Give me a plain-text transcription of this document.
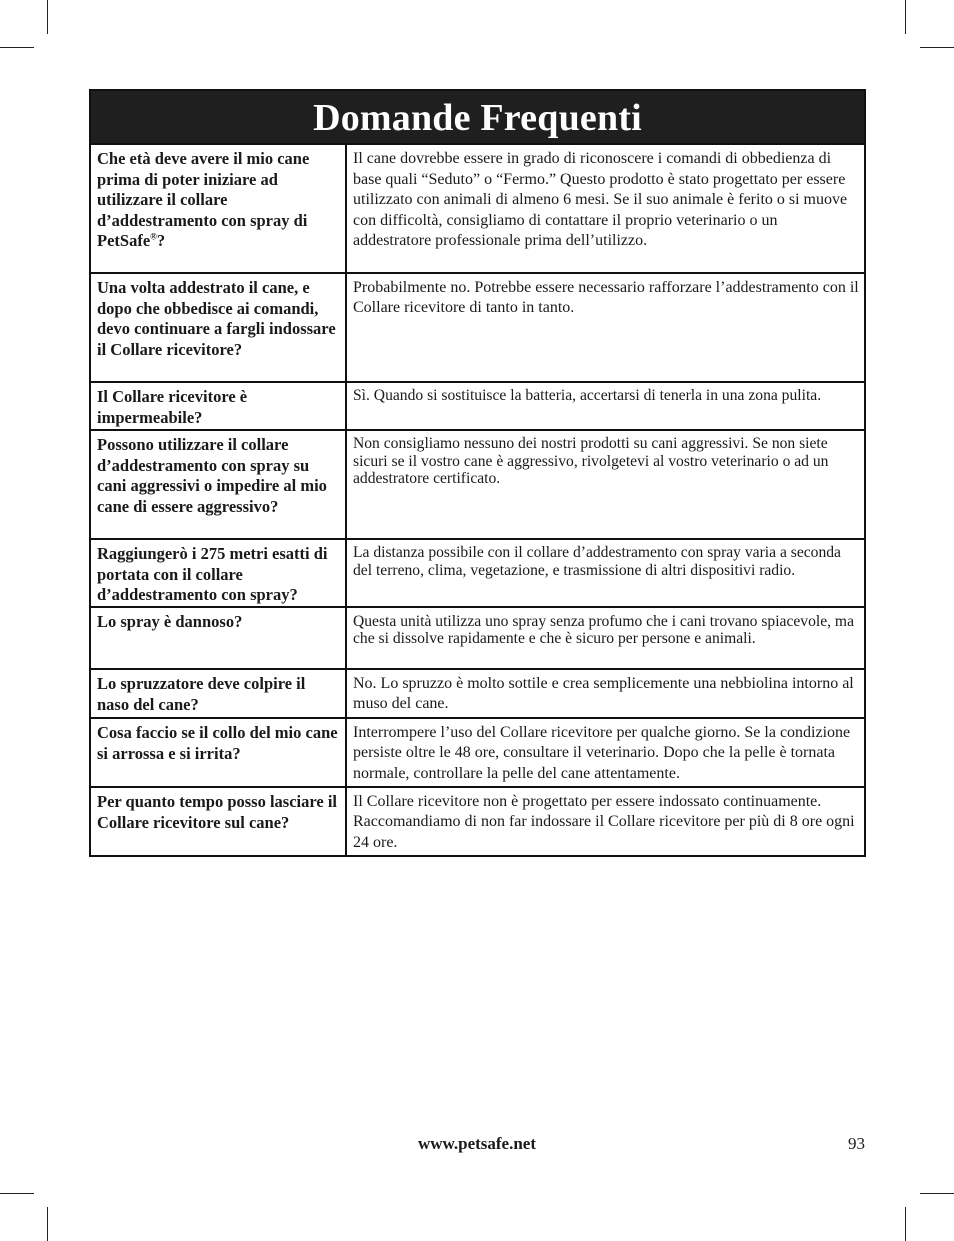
Domande Frequenti
Che età deve avere il mio cane prima di poter iniziare ad utilizzare il collare d’addestramento con spray di PetSafe®?
Il cane dovrebbe essere in grado di riconoscere i comandi di obbedienza di base quali “Seduto” o “Fermo.” Questo prodotto è stato progettato per essere utilizzato con animali di almeno 6 mesi. Se il suo animale è ferito o si muove con difficoltà, consigliamo di contattare il proprio veterinario o un addestratore professionale prima dell’utilizzo.
Una volta addestrato il cane, e dopo che obbedisce ai comandi, devo continuare a fargli indossare il Collare ricevitore?
Probabilmente no. Potrebbe essere necessario rafforzare l’addestramento con il Collare ricevitore di tanto in tanto.
Il Collare ricevitore è impermeabile?
Sì. Quando si sostituisce la batteria, accertarsi di tenerla in una zona pulita.
Possono utilizzare il collare d’addestramento con spray su cani aggressivi o impedire al mio cane di essere aggressivo?
Non consigliamo nessuno dei nostri prodotti su cani aggressivi. Se non siete sicuri se il vostro cane è aggressivo, rivolgetevi al vostro veterinario o ad un addestratore certificato.
Raggiungerò i 275 metri esatti di portata con il collare d’addestramento con spray?
La distanza possibile con il collare d’addestramento con spray varia a seconda del terreno, clima, vegetazione, e trasmissione di altri dispositivi radio.
Lo spray è dannoso?	Questa unità utilizza uno spray senza profumo che i cani trovano spiacevole, ma che si dissolve rapidamente e che è sicuro per persone e animali.
Lo spruzzatore deve colpire il naso del cane?
No. Lo spruzzo è molto sottile e crea semplicemente una nebbiolina intorno al muso del cane.
Cosa faccio se il collo del mio cane si arrossa e si irrita?
Interrompere l’uso del Collare ricevitore per qualche giorno. Se la condizione persiste oltre le 48 ore, consultare il veterinario. Dopo che la pelle è tornata normale, controllare la pelle del cane attentamente.
Per quanto tempo posso lasciare il Collare ricevitore sul cane?
Il Collare ricevitore non è progettato per essere indossato continuamente. Raccomandiamo di non far indossare il Collare ricevitore per più di 8 ore ogni 24 ore.
www.petsafe.net	93
